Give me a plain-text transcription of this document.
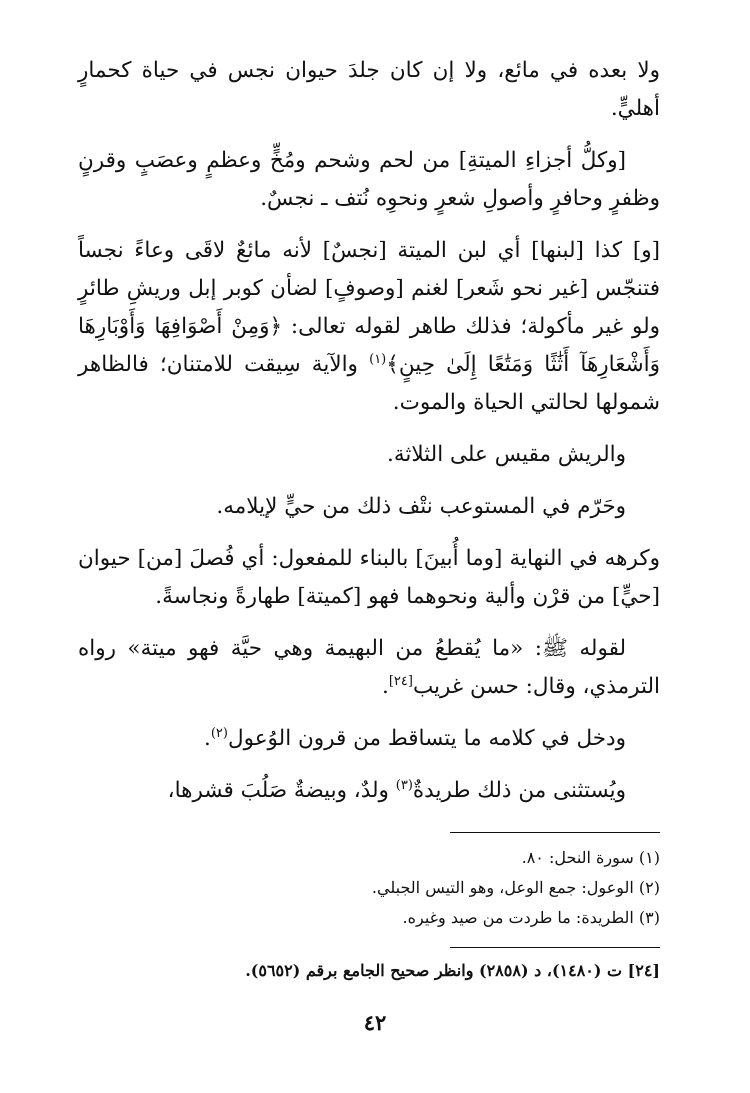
ولا بعده في مائع، ولا إن كان جلدَ حيوان نجس في حياة كحمارٍ أهليٍّ.

[وكلُّ أجزاءِ الميتةِ] من لحم وشحم ومُخٍّ وعظمٍ وعصَبٍ وقرنٍ وظفرٍ وحافرٍ وأصولِ شعرٍ ونحوِه نُتف ـ نجسٌ.

[و] كذا [لبنها] أي لبن الميتة [نجسٌ] لأنه مائعٌ لاقَى وعاءً نجساً فتنجّس [غير نحو شَعر] لغنم [وصوفٍ] لضأن كوبر إبل وريشِ طائرٍ ولو غير مأكولة؛ فذلك طاهر لقوله تعالى: ﴿وَمِنْ أَصْوَافِهَا وَأَوْبَارِهَا وَأَشْعَارِهَآ أَثَٰثًا وَمَتَٰعًا إِلَىٰ حِينٍ﴾$^{(١)}$ والآية سِيقت للامتنان؛ فالظاهر شمولها لحالتي الحياة والموت.

والريش مقيس على الثلاثة.

وحَرّم في المستوعب نتْف ذلك من حيٍّ لإيلامه.

وكرهه في النهاية [وما أُبينَ] بالبناء للمفعول: أي فُصلَ [من] حيوان [حيٍّ] من قرْن وألية ونحوهما فهو [كميتة] طهارةً ونجاسةً.

لقوله ﷺ: «ما يُقطعُ من البهيمة وهي حيَّة فهو ميتة» رواه الترمذي، وقال: حسن غريب[٢٤].

ودخل في كلامه ما يتساقط من قرون الوُعول$^{(٢)}$.

ويُستثنى من ذلك طريدةٌ$^{(٣)}$ ولدٌ، وبيضةٌ صَلُبَ قشرها،

(١) سورة النحل: ٨٠.

(٢) الوعول: جمع الوعل، وهو التيس الجبلي.

(٣) الطريدة: ما طردت من صيد وغيره.

[٢٤] ت (١٤٨٠)، د (٢٨٥٨) وانظر صحيح الجامع برقم (٥٦٥٢).

٤٢
